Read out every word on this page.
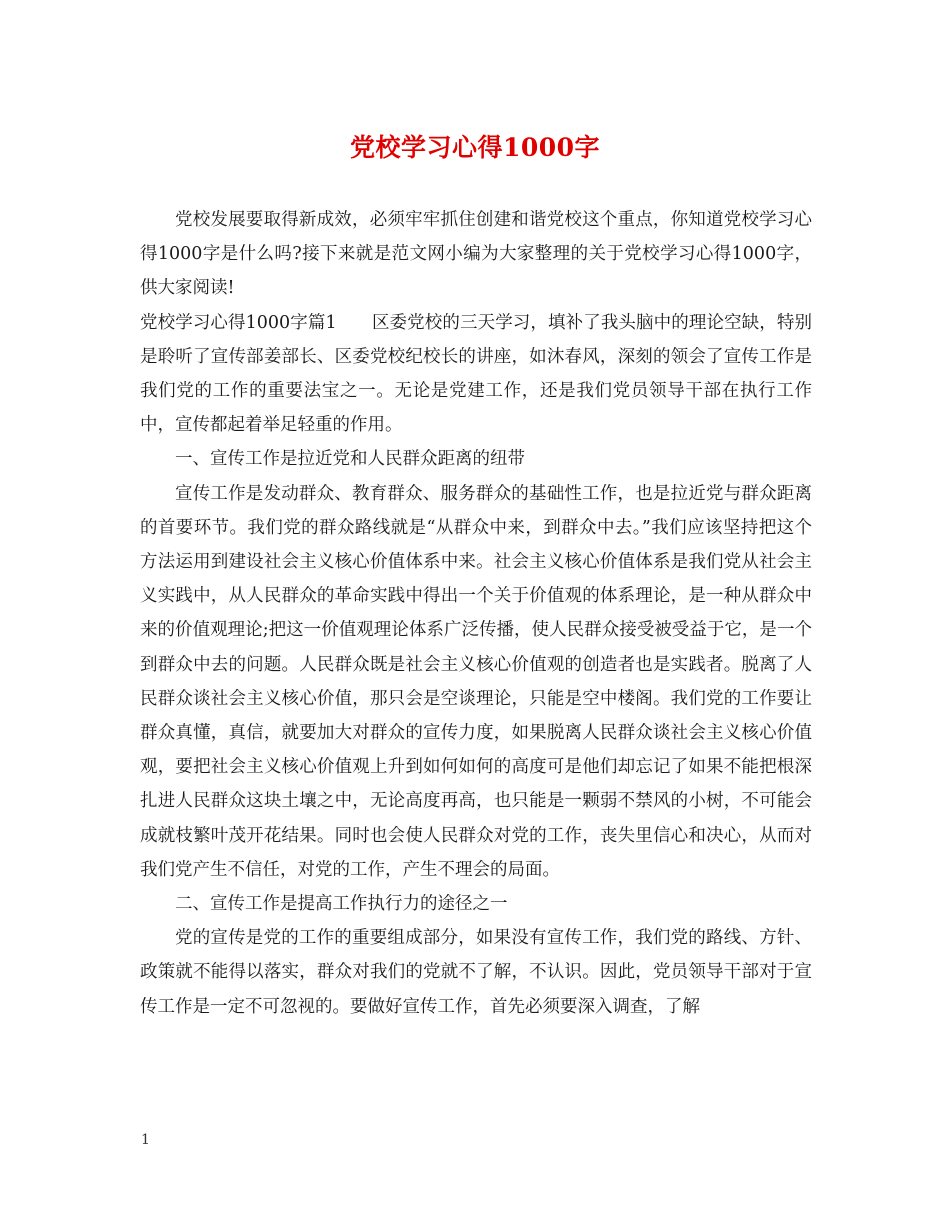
党校学习心得1000字

党校发展要取得新成效，必须牢牢抓住创建和谐党校这个重点，你知道党校学习心得1000字是什么吗?接下来就是范文网小编为大家整理的关于党校学习心得1000字，供大家阅读!

党校学习心得1000字篇1　　区委党校的三天学习，填补了我头脑中的理论空缺，特别是聆听了宣传部姜部长、区委党校纪校长的讲座，如沐春风，深刻的领会了宣传工作是我们党的工作的重要法宝之一。无论是党建工作，还是我们党员领导干部在执行工作中，宣传都起着举足轻重的作用。

一、宣传工作是拉近党和人民群众距离的纽带

宣传工作是发动群众、教育群众、服务群众的基础性工作，也是拉近党与群众距离的首要环节。我们党的群众路线就是“从群众中来，到群众中去。”我们应该坚持把这个方法运用到建设社会主义核心价值体系中来。社会主义核心价值体系是我们党从社会主义实践中，从人民群众的革命实践中得出一个关于价值观的体系理论，是一种从群众中来的价值观理论;把这一价值观理论体系广泛传播，使人民群众接受被受益于它，是一个到群众中去的问题。人民群众既是社会主义核心价值观的创造者也是实践者。脱离了人民群众谈社会主义核心价值，那只会是空谈理论，只能是空中楼阁。我们党的工作要让群众真懂，真信，就要加大对群众的宣传力度，如果脱离人民群众谈社会主义核心价值观，要把社会主义核心价值观上升到如何如何的高度可是他们却忘记了如果不能把根深扎进人民群众这块土壤之中，无论高度再高，也只能是一颗弱不禁风的小树，不可能会成就枝繁叶茂开花结果。同时也会使人民群众对党的工作，丧失里信心和决心，从而对我们党产生不信任，对党的工作，产生不理会的局面。

二、宣传工作是提高工作执行力的途径之一

党的宣传是党的工作的重要组成部分，如果没有宣传工作，我们党的路线、方针、政策就不能得以落实，群众对我们的党就不了解，不认识。因此，党员领导干部对于宣传工作是一定不可忽视的。要做好宣传工作，首先必须要深入调查，了解

1
